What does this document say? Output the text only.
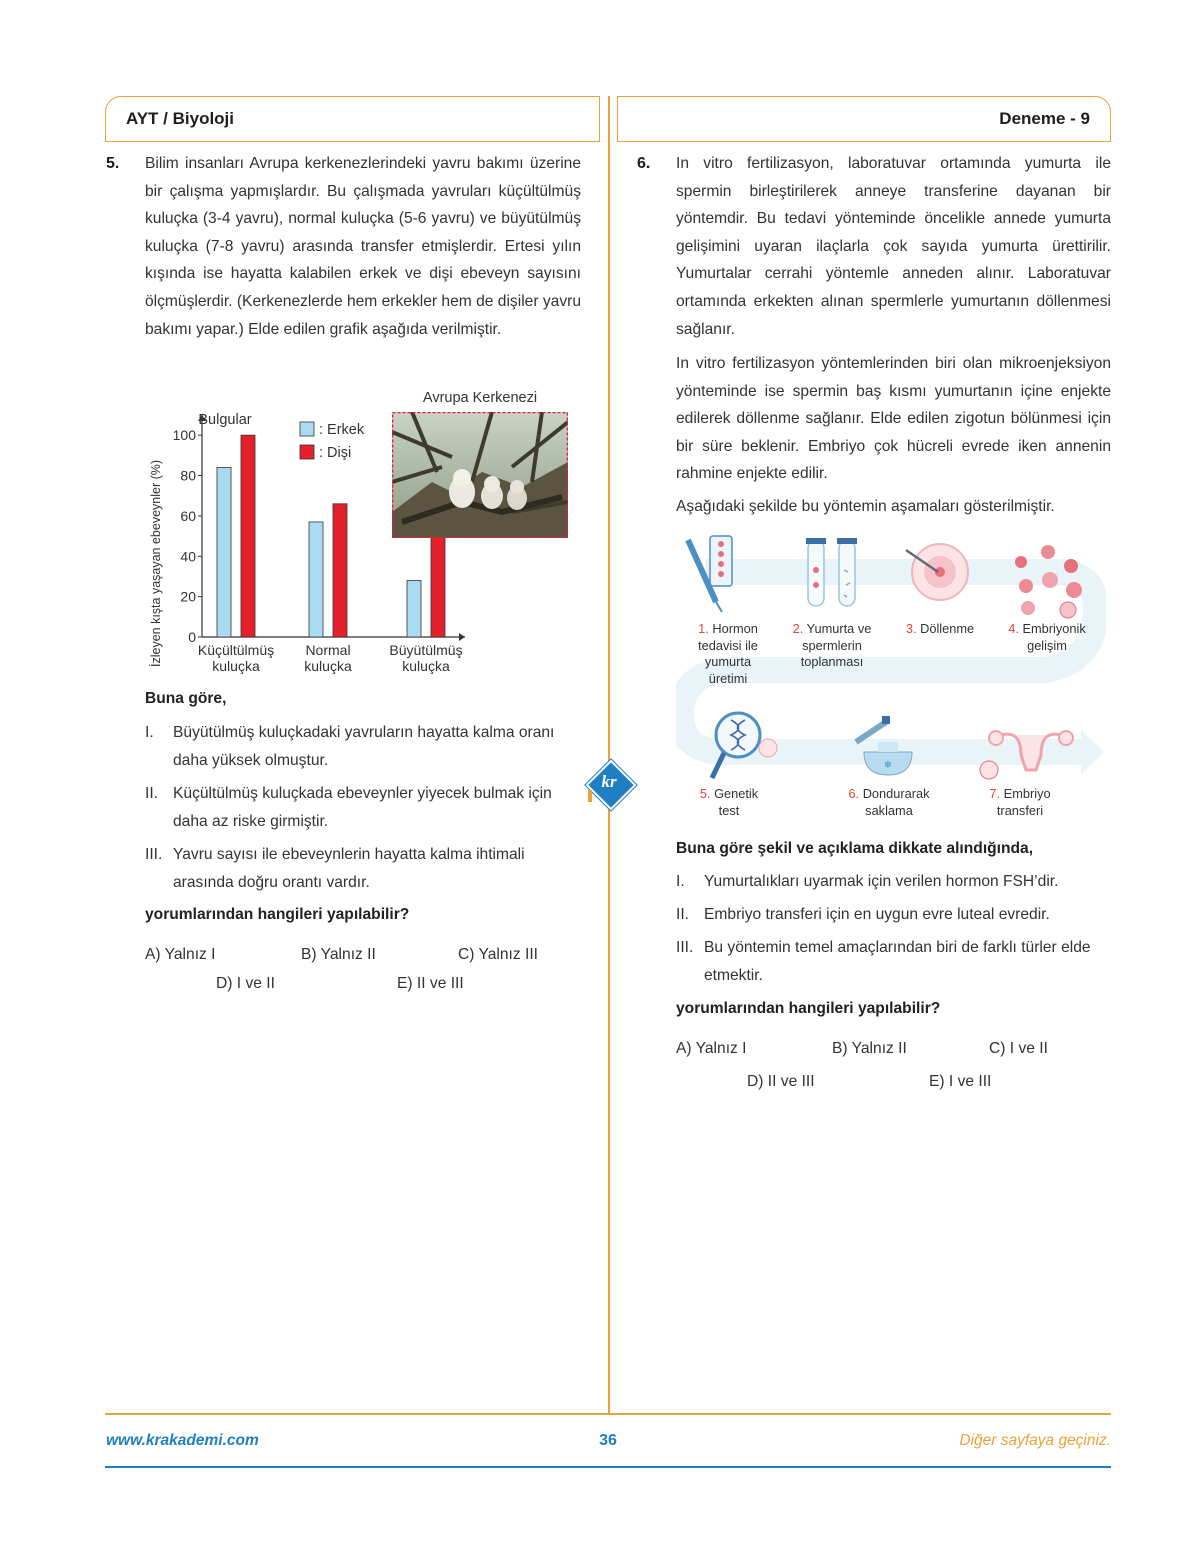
AYT / Biyoloji	Deneme - 9
5. Bilim insanları Avrupa kerkenezlerindeki yavru bakımı üzerine bir çalışma yapmışlardır. Bu çalışmada yavruları küçültülmüş kuluçka (3-4 yavru), normal kuluçka (5-6 yavru) ve büyütülmüş kuluçka (7-8 yavru) arasında transfer etmişlerdir. Ertesi yılın kışında ise hayatta kalabilen erkek ve dişi ebeveyn sayısını ölçmüşlerdir. (Kerkenezlerde hem erkekler hem de dişiler yavru bakımı yapar.) Elde edilen grafik aşağıda verilmiştir.

0
20
40
60
80
100
İzleyen kışta yaşayan ebeveynler (%)
Bulgular
: Erkek
: Dişi
Küçültülmüş
kuluçka
Normal
kuluçka
Büyütülmüş
kuluçka
Avrupa Kerkenezi
Buna göre,
I. Büyütülmüş kuluçkadaki yavruların hayatta kalma oranı daha yüksek olmuştur.
II. Küçültülmüş kuluçkada ebeveynler yiyecek bulmak için daha az riske girmiştir.
III. Yavru sayısı ile ebeveynlerin hayatta kalma ihtimali arasında doğru orantı vardır.
yorumlarından hangileri yapılabilir?
A) Yalnız I	B) Yalnız II	C) Yalnız III
D) I ve II	E) II ve III
kr
6. In vitro fertilizasyon, laboratuvar ortamında yumurta ile spermin birleştirilerek anneye transferine dayanan bir yöntemdir. Bu tedavi yönteminde öncelikle annede yumurta gelişimini uyaran ilaçlarla çok sayıda yumurta ürettirilir. Yumurtalar cerrahi yöntemle anneden alınır. Laboratuvar ortamında erkekten alınan spermlerle yumurtanın döllenmesi sağlanır.

In vitro fertilizasyon yöntemlerinden biri olan mikroenjeksiyon yönteminde ise spermin baş kısmı yumurtanın içine enjekte edilerek döllenme sağlanır. Elde edilen zigotun bölünmesi için bir süre beklenir. Embriyo çok hücreli evrede iken annenin rahmine enjekte edilir.

Aşağıdaki şekilde bu yöntemin aşamaları gösterilmiştir.

❄
1. Hormon
tedavisi ile
yumurta
üretimi
2. Yumurta ve
spermlerin
toplanması
3. Döllenme	4. Embriyonik
gelişim
5. Genetik
test
6. Dondurarak
saklama
7. Embriyo
transferi
Buna göre şekil ve açıklama dikkate alındığında,
I. Yumurtalıkları uyarmak için verilen hormon FSH’dir.
II. Embriyo transferi için en uygun evre luteal evredir.
III. Bu yöntemin temel amaçlarından biri de farklı türler elde etmektir.
yorumlarından hangileri yapılabilir?
A) Yalnız I	B) Yalnız II	C) I ve II
D) II ve III	E) I ve III
www.krakademi.com	36	Diğer sayfaya geçiniz.
